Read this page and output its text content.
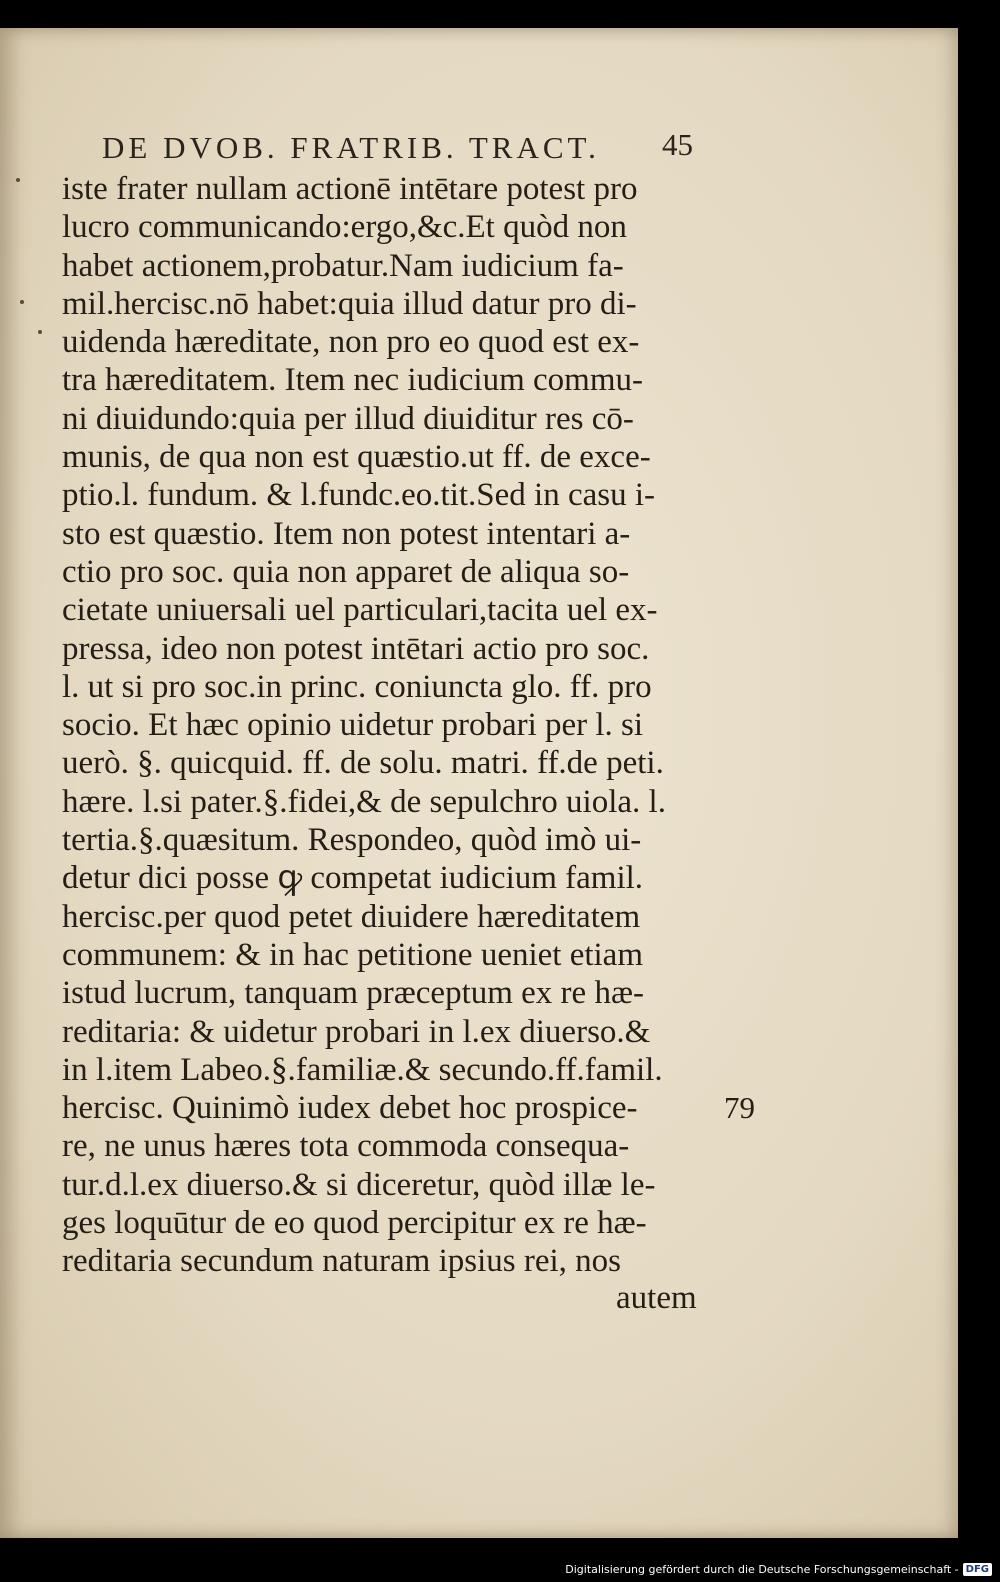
DE DVOB. FRATRIB. TRACT.	45
iste frater nullam actionē intētare potest pro
lucro communicando:ergo,&c.Et quòd non
habet actionem,probatur.Nam iudicium fa-
mil.hercisc.nō habet:quia illud datur pro di-
uidenda hæreditate, non pro eo quod est ex-
tra hæreditatem. Item nec iudicium commu-
ni diuidundo:quia per illud diuiditur res cō-
munis, de qua non est quæstio.ut ff. de exce-
ptio.l. fundum. & l.fundc.eo.tit.Sed in casu i-
sto est quæstio. Item non potest intentari a-
ctio pro soc. quia non apparet de aliqua so-
cietate uniuersali uel particulari,tacita uel ex-
pressa, ideo non potest intētari actio pro soc.
l. ut si pro soc.in princ. coniuncta glo. ff. pro
socio. Et hæc opinio uidetur probari per l. si
uerò. §. quicquid. ff. de solu. matri. ff.de peti.
hære. l.si pater.§.fidei,& de sepulchro uiola. l.
tertia.§.quæsitum. Respondeo, quòd imò ui-
detur dici posse ꝙ competat iudicium famil.
hercisc.per quod petet diuidere hæreditatem
communem: & in hac petitione ueniet etiam
istud lucrum, tanquam præceptum ex re hæ-
reditaria: & uidetur probari in l.ex diuerso.&
in l.item Labeo.§.familiæ.& secundo.ff.famil.
hercisc. Quinimò iudex debet hoc prospice-
re, ne unus hæres tota commoda consequa-
tur.d.l.ex diuerso.& si diceretur, quòd illæ le-
ges loquūtur de eo quod percipitur ex re hæ-
reditaria secundum naturam ipsius rei, nos
autem
79
Digitalisierung gefördert durch die Deutsche Forschungsgemeinschaft - DFG
